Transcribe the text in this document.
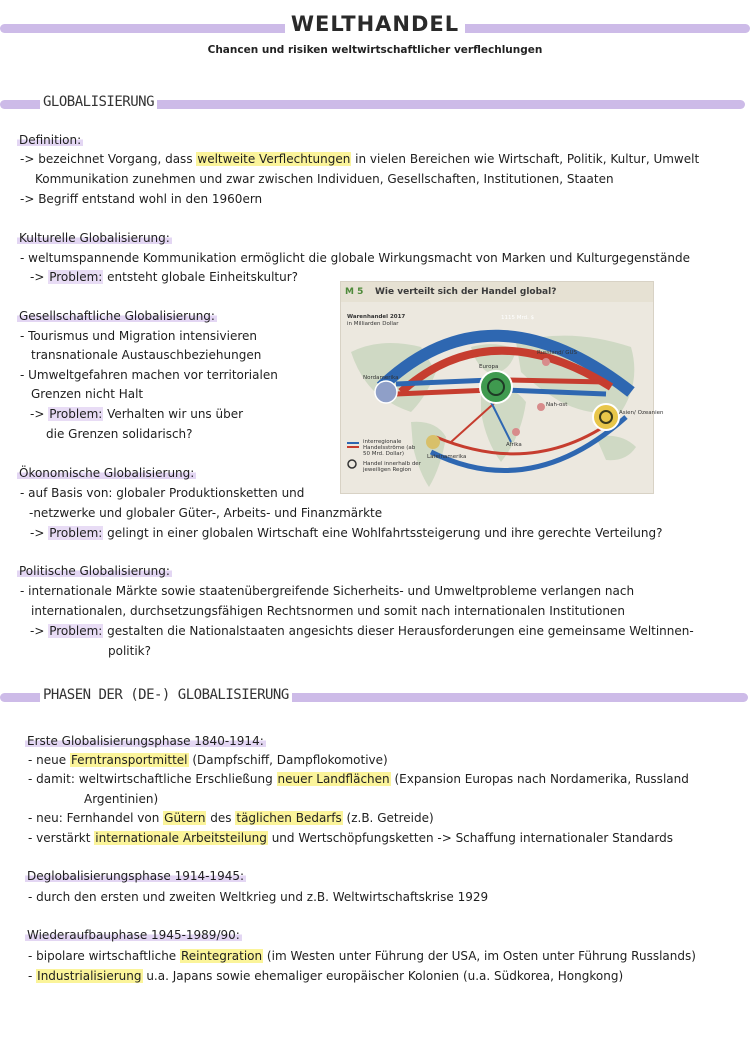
WELTHANDEL
Chancen und risiken weltwirtschaftlicher verflechlungen
GLOBALISIERUNG
Definition:
-> bezeichnet Vorgang, dass weltweite Verflechtungen in vielen Bereichen wie Wirtschaft, Politik, Kultur, Umwelt
Kommunikation zunehmen und zwar zwischen Individuen, Gesellschaften, Institutionen, Staaten
-> Begriff entstand wohl in den 1960ern
Kulturelle Globalisierung:
- weltumspannende Kommunikation ermöglicht die globale Wirkungsmacht von Marken und Kulturgegenstände
-> Problem: entsteht globale Einheitskultur?
Gesellschaftliche Globalisierung:
- Tourismus und Migration intensivieren
transnationale Austauschbeziehungen
- Umweltgefahren machen vor territorialen
Grenzen nicht Halt
-> Problem: Verhalten wir uns über
die Grenzen solidarisch?
M 5 Wie verteilt sich der Handel global?
Warenhandel 2017
in Milliarden Dollar
1115 Mrd. $
Nordamerika
Europa
Russland/ GUS
Nah-ost
Asien/ Ozeanien
Afrika
Lateinamerika
interregionale Handelsströme (ab 50 Mrd. Dollar)
Handel innerhalb der jeweiligen Region
Ökonomische Globalisierung:
- auf Basis von: globaler Produktionsketten und
-netzwerke und globaler Güter-, Arbeits- und Finanzmärkte
-> Problem: gelingt in einer globalen Wirtschaft eine Wohlfahrtssteigerung und ihre gerechte Verteilung?
Politische Globalisierung:
- internationale Märkte sowie staatenübergreifende Sicherheits- und Umweltprobleme verlangen nach
internationalen, durchsetzungsfähigen Rechtsnormen und somit nach internationalen Institutionen
-> Problem: gestalten die Nationalstaaten angesichts dieser Herausforderungen eine gemeinsame Weltinnen-
politik?
PHASEN DER (DE-) GLOBALISIERUNG
Erste Globalisierungsphase 1840-1914:
- neue Ferntransportmittel (Dampfschiff, Dampflokomotive)
- damit: weltwirtschaftliche Erschließung neuer Landflächen (Expansion Europas nach Nordamerika, Russland
Argentinien)
- neu: Fernhandel von Gütern des täglichen Bedarfs (z.B. Getreide)
- verstärkt internationale Arbeitsteilung und Wertschöpfungsketten -> Schaffung internationaler Standards
Deglobalisierungsphase 1914-1945:
- durch den ersten und zweiten Weltkrieg und z.B. Weltwirtschaftskrise 1929
Wiederaufbauphase 1945-1989/90:
- bipolare wirtschaftliche Reintegration (im Westen unter Führung der USA, im Osten unter Führung Russlands)
- Industrialisierung u.a. Japans sowie ehemaliger europäischer Kolonien (u.a. Südkorea, Hongkong)
